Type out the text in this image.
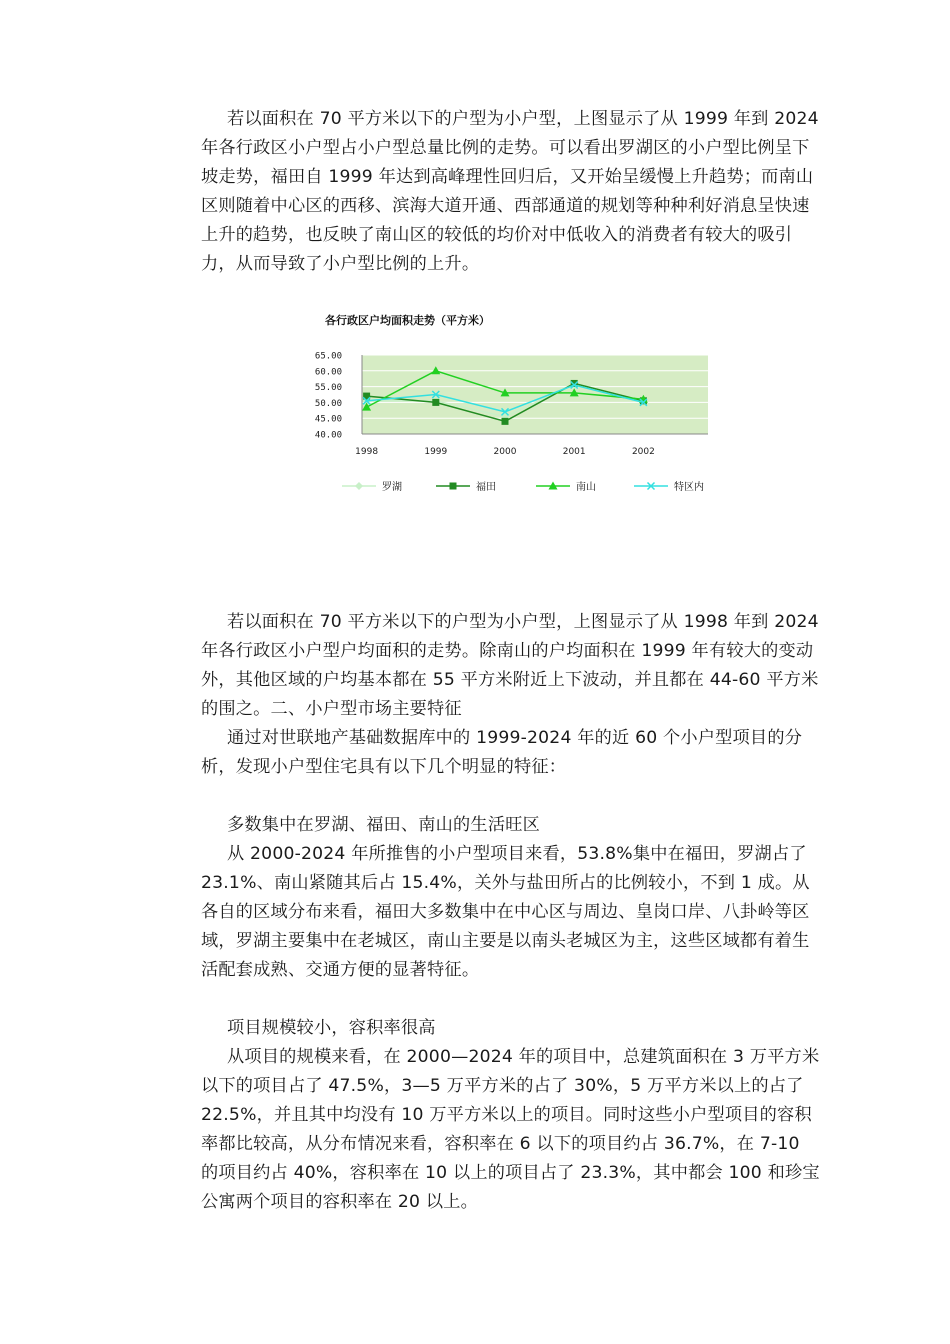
若以面积在 70 平方米以下的户型为小户型，上图显示了从 1999 年到 2024 年各行政区小户型占小户型总量比例的走势。可以看出罗湖区的小户型比例呈下坡走势，福田自 1999 年达到高峰理性回归后，又开始呈缓慢上升趋势；而南山区则随着中心区的西移、滨海大道开通、西部通道的规划等种种利好消息呈快速上升的趋势，也反映了南山区的较低的均价对中低收入的消费者有较大的吸引力，从而导致了小户型比例的上升。

各行政区户均面积走势（平方米）
40.00
45.00
50.00
55.00
60.00
65.00
1998	1999	2000	2001	2002
罗湖	福田	南山	特区内

若以面积在 70 平方米以下的户型为小户型，上图显示了从 1998 年到 2024 年各行政区小户型户均面积的走势。除南山的户均面积在 1999 年有较大的变动外，其他区域的户均基本都在 55 平方米附近上下波动，并且都在 44-60 平方米的围之。二、小户型市场主要特征

通过对世联地产基础数据库中的 1999-2024 年的近 60 个小户型项目的分析，发现小户型住宅具有以下几个明显的特征：

多数集中在罗湖、福田、南山的生活旺区

从 2000-2024 年所推售的小户型项目来看，53.8%集中在福田，罗湖占了 23.1%、南山紧随其后占 15.4%，关外与盐田所占的比例较小，不到 1 成。从各自的区域分布来看，福田大多数集中在中心区与周边、皇岗口岸、八卦岭等区域，罗湖主要集中在老城区，南山主要是以南头老城区为主，这些区域都有着生活配套成熟、交通方便的显著特征。

项目规模较小，容积率很高

从项目的规模来看，在 2000—2024 年的项目中，总建筑面积在 3 万平方米以下的项目占了 47.5%，3—5 万平方米的占了 30%，5 万平方米以上的占了 22.5%，并且其中均没有 10 万平方米以上的项目。同时这些小户型项目的容积率都比较高，从分布情况来看，容积率在 6 以下的项目约占 36.7%，在 7-10 的项目约占 40%，容积率在 10 以上的项目占了 23.3%，其中都会 100 和珍宝公寓两个项目的容积率在 20 以上。
